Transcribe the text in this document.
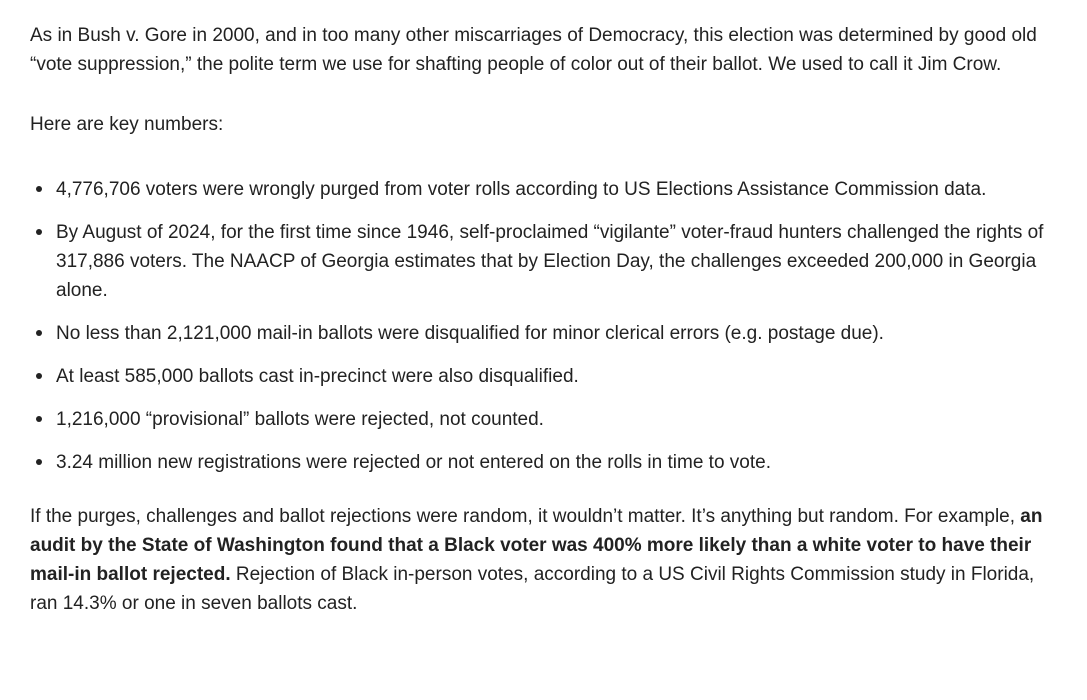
As in Bush v. Gore in 2000, and in too many other miscarriages of Democracy, this election was determined by good old “vote suppression,” the polite term we use for shafting people of color out of their ballot. We used to call it Jim Crow.

Here are key numbers:

4,776,706 voters were wrongly purged from voter rolls according to US Elections Assistance Commission data.
By August of 2024, for the first time since 1946, self-proclaimed “vigilante” voter-fraud hunters challenged the rights of 317,886 voters. The NAACP of Georgia estimates that by Election Day, the challenges exceeded 200,000 in Georgia alone.
No less than 2,121,000 mail-in ballots were disqualified for minor clerical errors (e.g. postage due).
At least 585,000 ballots cast in-precinct were also disqualified.
1,216,000 “provisional” ballots were rejected, not counted.
3.24 million new registrations were rejected or not entered on the rolls in time to vote.

If the purges, challenges and ballot rejections were random, it wouldn’t matter. It’s anything but random. For example, an audit by the State of Washington found that a Black voter was 400% more likely than a white voter to have their mail-in ballot rejected. Rejection of Black in-person votes, according to a US Civil Rights Commission study in Florida, ran 14.3% or one in seven ballots cast.
